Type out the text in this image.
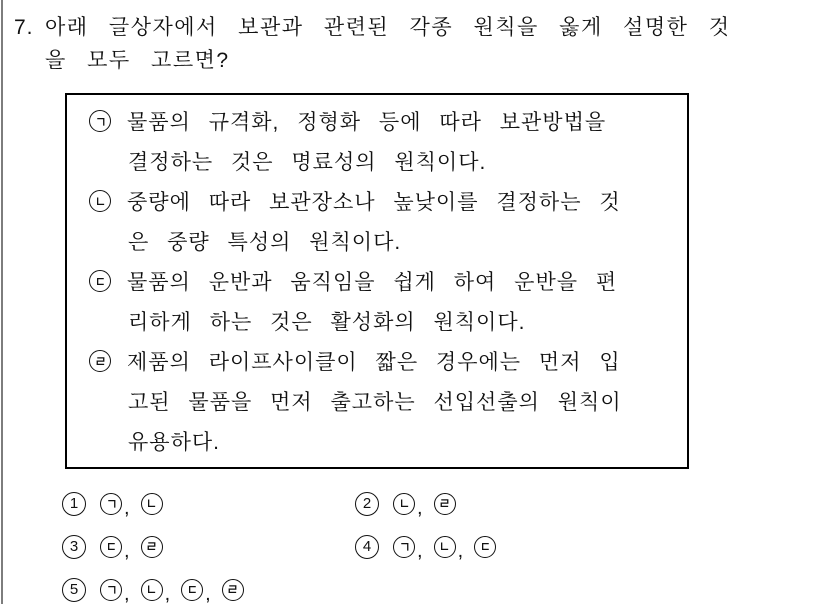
7. 아래 글상자에서 보관과 관련된 각종 원칙을 옳게 설명한 것
을 모두 고르면?
물품의 규격화, 정형화 등에 따라 보관방법을
결정하는 것은 명료성의 원칙이다.
중량에 따라 보관장소나 높낮이를 결정하는 것
은 중량 특성의 원칙이다.
물품의 운반과 움직임을 쉽게 하여 운반을 편
리하게 하는 것은 활성화의 원칙이다.
제품의 라이프사이클이 짧은 경우에는 먼저 입
고된 물품을 먼저 출고하는 선입선출의 원칙이
유용하다.
1	,	2	,
3	,	4	, ,
5	, , ,
